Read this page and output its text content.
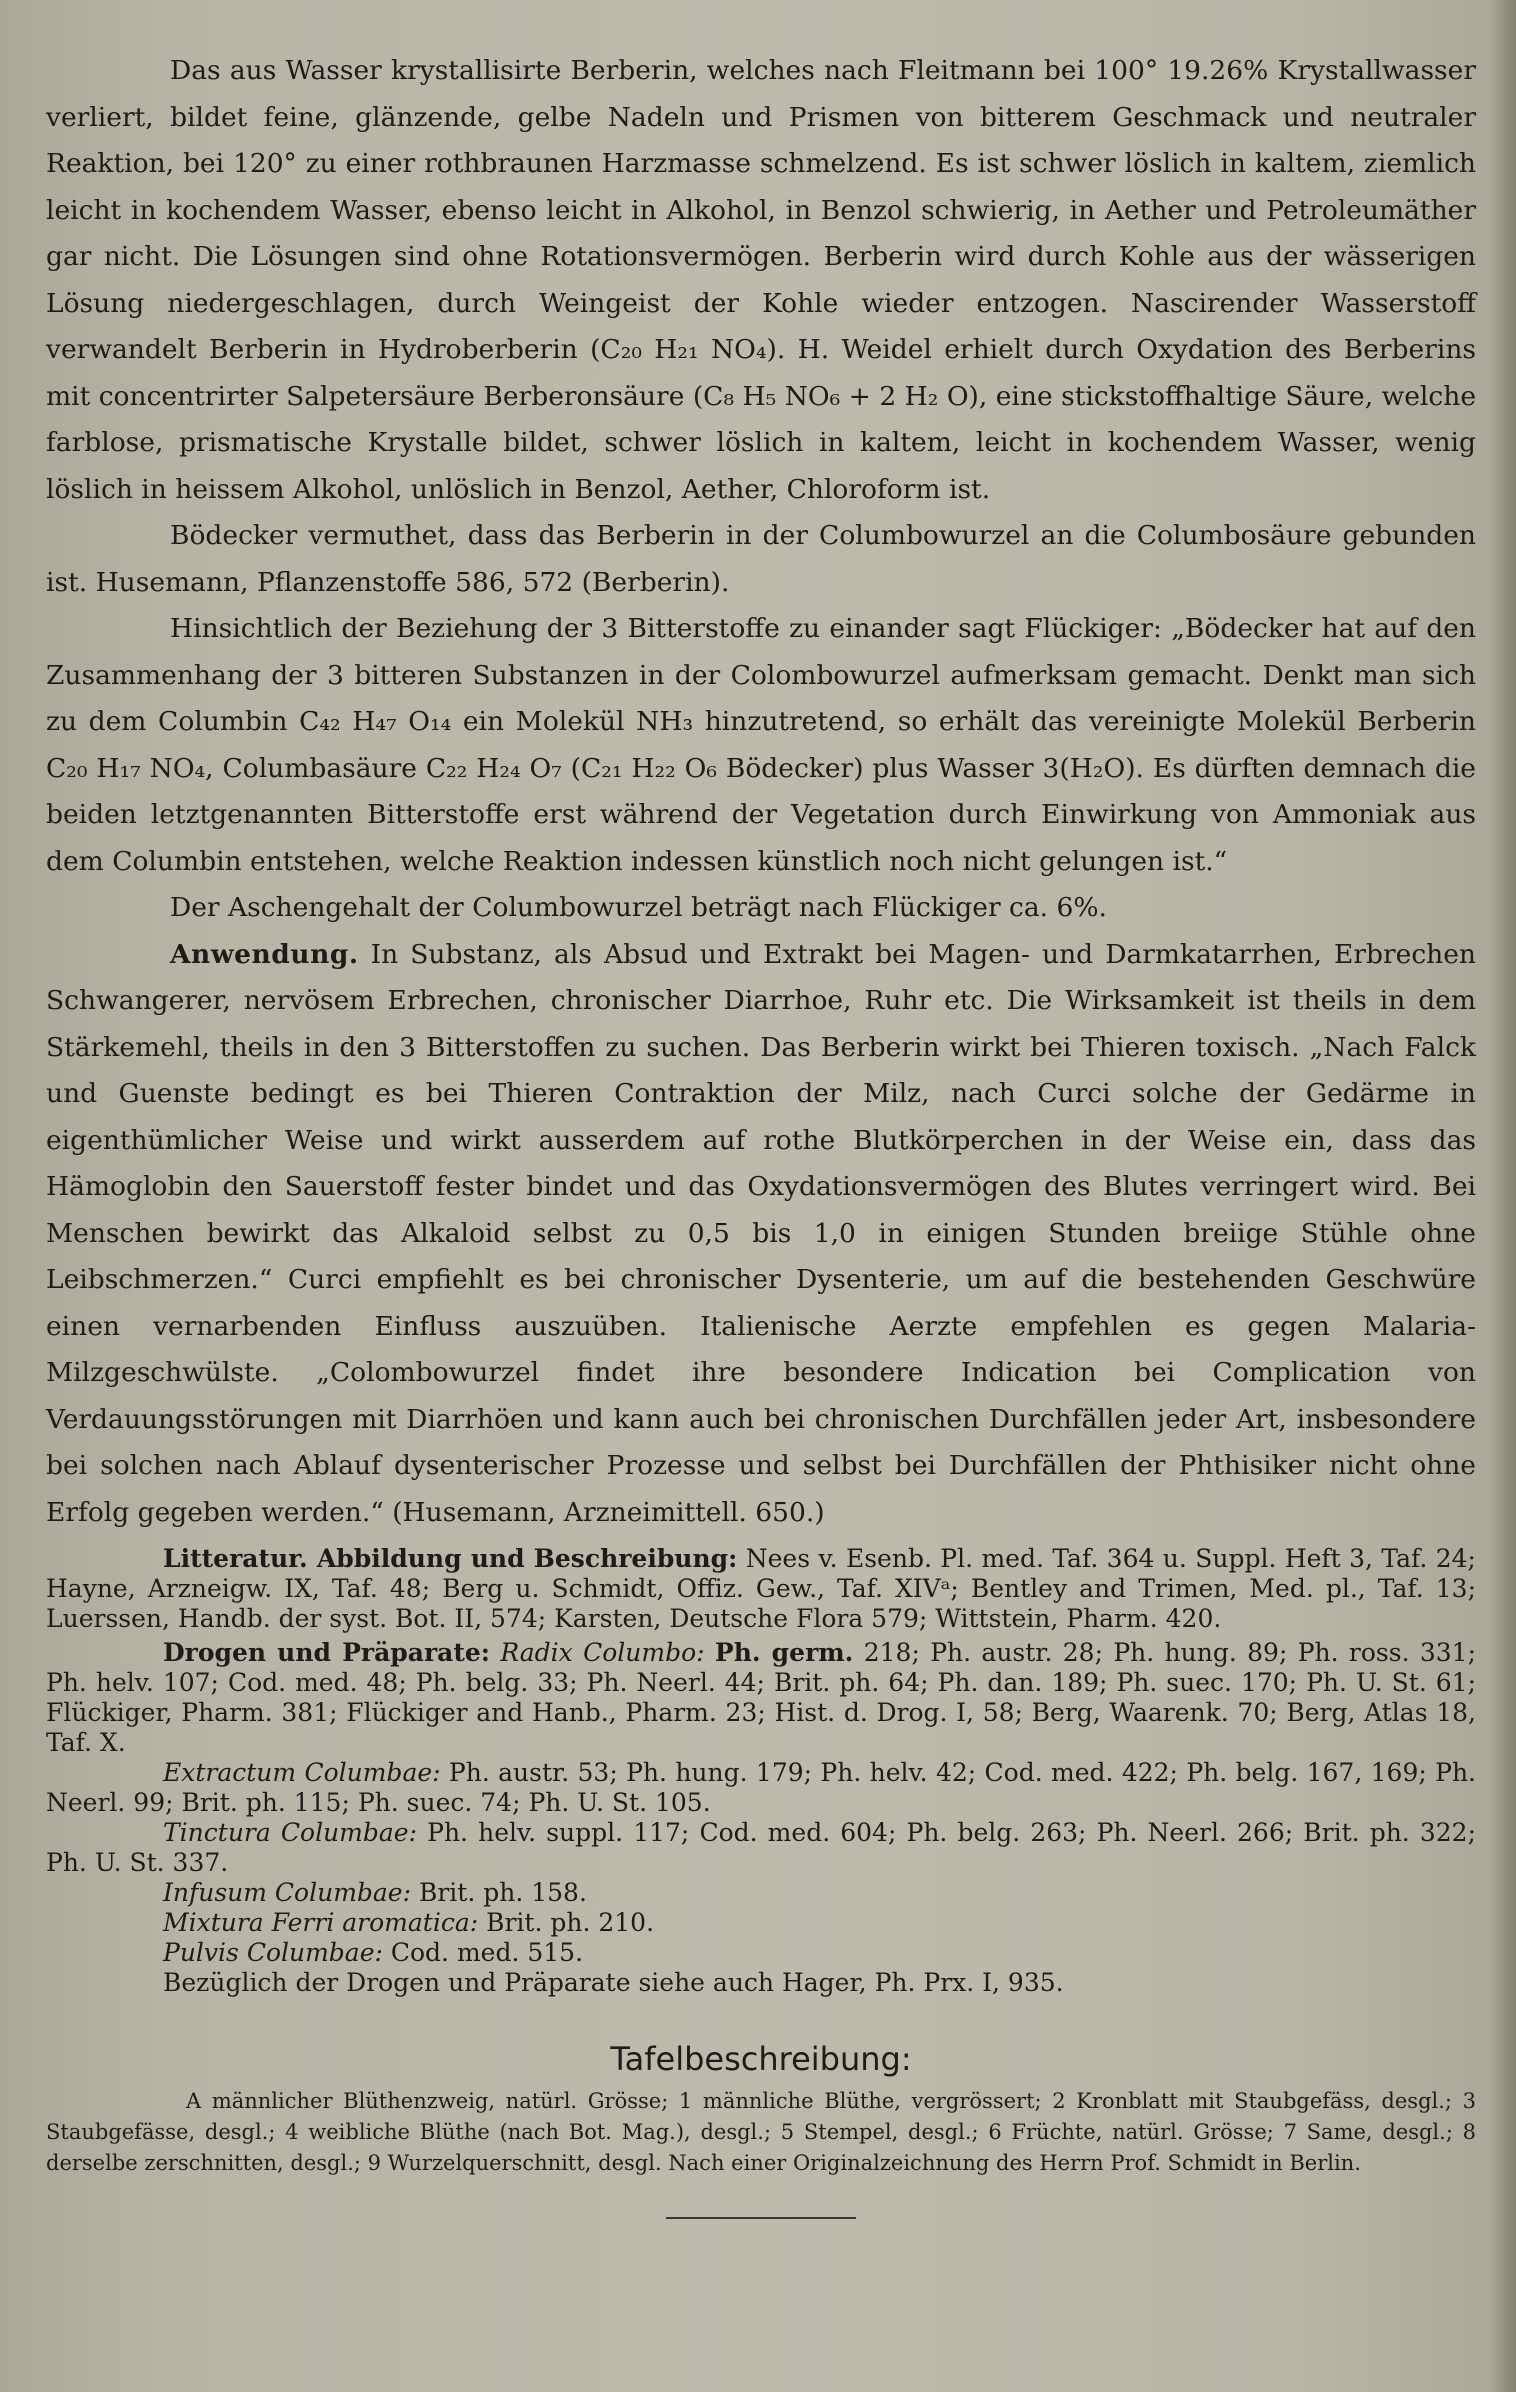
Das aus Wasser krystallisirte Berberin, welches nach Fleitmann bei 100° 19.26% Krystallwasser verliert, bildet feine, glänzende, gelbe Nadeln und Prismen von bitterem Geschmack und neutraler Reaktion, bei 120° zu einer rothbraunen Harzmasse schmelzend. Es ist schwer löslich in kaltem, ziemlich leicht in kochendem Wasser, ebenso leicht in Alkohol, in Benzol schwierig, in Aether und Petroleumäther gar nicht. Die Lösungen sind ohne Rotationsvermögen. Berberin wird durch Kohle aus der wässerigen Lösung niedergeschlagen, durch Weingeist der Kohle wieder entzogen. Nascirender Wasserstoff verwandelt Berberin in Hydroberberin (C₂₀ H₂₁ NO₄). H. Weidel erhielt durch Oxydation des Berberins mit concentrirter Salpetersäure Berberonsäure (C₈ H₅ NO₆ + 2 H₂ O), eine stickstoffhaltige Säure, welche farblose, prismatische Krystalle bildet, schwer löslich in kaltem, leicht in kochendem Wasser, wenig löslich in heissem Alkohol, unlöslich in Benzol, Aether, Chloroform ist.

Bödecker vermuthet, dass das Berberin in der Columbowurzel an die Columbosäure gebunden ist. Husemann, Pflanzenstoffe 586, 572 (Berberin).

Hinsichtlich der Beziehung der 3 Bitterstoffe zu einander sagt Flückiger: „Bödecker hat auf den Zusammenhang der 3 bitteren Substanzen in der Colombowurzel aufmerksam gemacht. Denkt man sich zu dem Columbin C₄₂ H₄₇ O₁₄ ein Molekül NH₃ hinzutretend, so erhält das vereinigte Molekül Berberin C₂₀ H₁₇ NO₄, Columbasäure C₂₂ H₂₄ O₇ (C₂₁ H₂₂ O₆ Bödecker) plus Wasser 3(H₂O). Es dürften demnach die beiden letztgenannten Bitterstoffe erst während der Vegetation durch Einwirkung von Ammoniak aus dem Columbin entstehen, welche Reaktion indessen künstlich noch nicht gelungen ist.“

Der Aschengehalt der Columbowurzel beträgt nach Flückiger ca. 6%.

Anwendung. In Substanz, als Absud und Extrakt bei Magen- und Darmkatarrhen, Erbrechen Schwangerer, nervösem Erbrechen, chronischer Diarrhoe, Ruhr etc. Die Wirksamkeit ist theils in dem Stärkemehl, theils in den 3 Bitterstoffen zu suchen. Das Berberin wirkt bei Thieren toxisch. „Nach Falck und Guenste bedingt es bei Thieren Contraktion der Milz, nach Curci solche der Gedärme in eigenthümlicher Weise und wirkt ausserdem auf rothe Blutkörperchen in der Weise ein, dass das Hämoglobin den Sauerstoff fester bindet und das Oxydationsvermögen des Blutes verringert wird. Bei Menschen bewirkt das Alkaloid selbst zu 0,5 bis 1,0 in einigen Stunden breiige Stühle ohne Leibschmerzen.“ Curci empfiehlt es bei chronischer Dysenterie, um auf die bestehenden Geschwüre einen vernarbenden Einfluss auszuüben. Italienische Aerzte empfehlen es gegen Malaria-Milzgeschwülste. „Colombowurzel findet ihre besondere Indication bei Complication von Verdauungsstörungen mit Diarrhöen und kann auch bei chronischen Durchfällen jeder Art, insbesondere bei solchen nach Ablauf dysenterischer Prozesse und selbst bei Durchfällen der Phthisiker nicht ohne Erfolg gegeben werden.“ (Husemann, Arzneimittell. 650.)

Litteratur. Abbildung und Beschreibung: Nees v. Esenb. Pl. med. Taf. 364 u. Suppl. Heft 3, Taf. 24; Hayne, Arzneigw. IX, Taf. 48; Berg u. Schmidt, Offiz. Gew., Taf. XIVᵃ; Bentley and Trimen, Med. pl., Taf. 13; Luerssen, Handb. der syst. Bot. II, 574; Karsten, Deutsche Flora 579; Wittstein, Pharm. 420.

Drogen und Präparate: Radix Columbo: Ph. germ. 218; Ph. austr. 28; Ph. hung. 89; Ph. ross. 331; Ph. helv. 107; Cod. med. 48; Ph. belg. 33; Ph. Neerl. 44; Brit. ph. 64; Ph. dan. 189; Ph. suec. 170; Ph. U. St. 61; Flückiger, Pharm. 381; Flückiger and Hanb., Pharm. 23; Hist. d. Drog. I, 58; Berg, Waarenk. 70; Berg, Atlas 18, Taf. X.

Extractum Columbae: Ph. austr. 53; Ph. hung. 179; Ph. helv. 42; Cod. med. 422; Ph. belg. 167, 169; Ph. Neerl. 99; Brit. ph. 115; Ph. suec. 74; Ph. U. St. 105.

Tinctura Columbae: Ph. helv. suppl. 117; Cod. med. 604; Ph. belg. 263; Ph. Neerl. 266; Brit. ph. 322; Ph. U. St. 337.

Infusum Columbae: Brit. ph. 158.

Mixtura Ferri aromatica: Brit. ph. 210.

Pulvis Columbae: Cod. med. 515.

Bezüglich der Drogen und Präparate siehe auch Hager, Ph. Prx. I, 935.

Tafelbeschreibung:

A männlicher Blüthenzweig, natürl. Grösse; 1 männliche Blüthe, vergrössert; 2 Kronblatt mit Staubgefäss, desgl.; 3 Staubgefässe, desgl.; 4 weibliche Blüthe (nach Bot. Mag.), desgl.; 5 Stempel, desgl.; 6 Früchte, natürl. Grösse; 7 Same, desgl.; 8 derselbe zerschnitten, desgl.; 9 Wurzelquerschnitt, desgl. Nach einer Originalzeichnung des Herrn Prof. Schmidt in Berlin.
